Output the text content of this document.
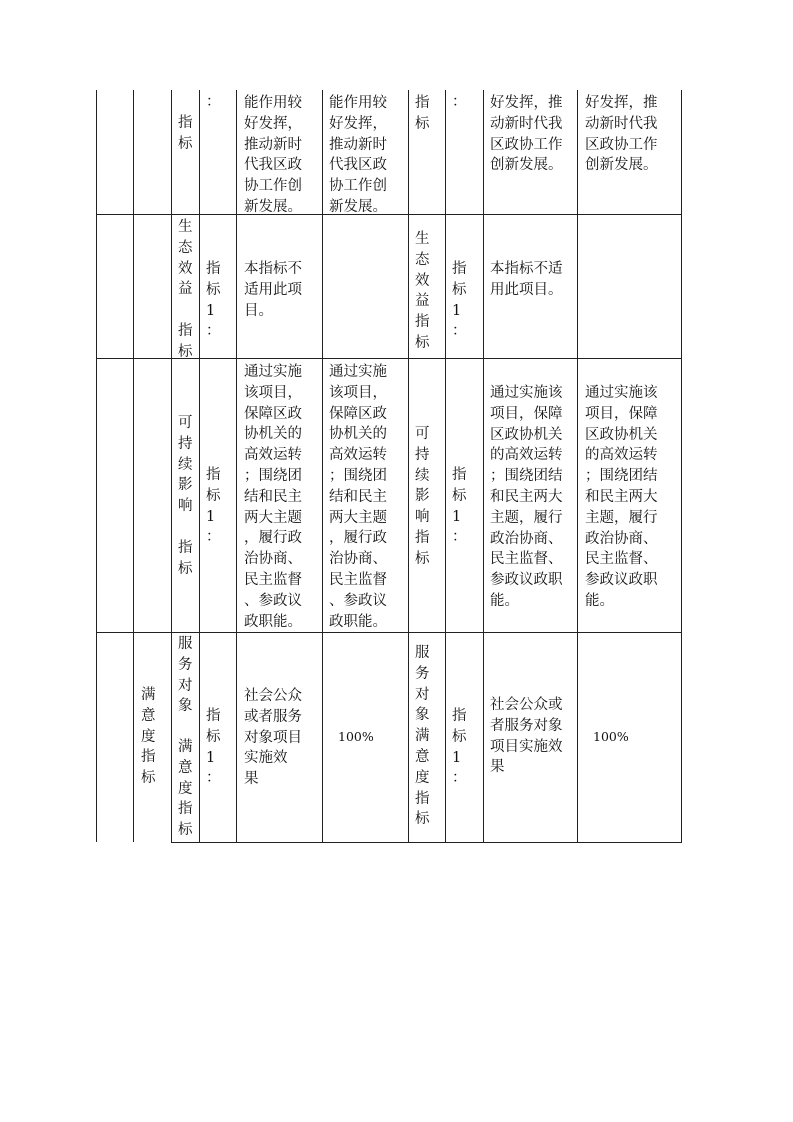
指
标
： 能作用较
好发挥，
推动新时
代我区政
协工作创
新发展。
能作用较
好发挥，
推动新时
代我区政
协工作创
新发展。
指
标
： 好发挥，推
动新时代我
区政协工作
创新发展。
好发挥，推
动新时代我
区政协工作
创新发展。
生
态
效
益
指
标
指
标
1
：
本指标不
适用此项
目。
生
态
效
益
指
标
指
标
1
：
本指标不适
用此项目。
可
持
续
影
响
指
标
指
标
1
：
通过实施
该项目，
保障区政
协机关的
高效运转
；围绕团
结和民主
两大主题
，履行政
治协商、
民主监督
、参政议
政职能。
通过实施
该项目，
保障区政
协机关的
高效运转
；围绕团
结和民主
两大主题
，履行政
治协商、
民主监督
、参政议
政职能。
可
持
续
影
响
指
标
指
标
1
：
通过实施该
项目，保障
区政协机关
的高效运转
；围绕团结
和民主两大
主题，履行
政治协商、
民主监督、
参政议政职
能。
通过实施该
项目，保障
区政协机关
的高效运转
；围绕团结
和民主两大
主题，履行
政治协商、
民主监督、
参政议政职
能。
满
意
度
指
标
服
务
对
象
满
意
度
指
标
指
标
1
：
社会公众
或者服务
对象项目
实施效
果
100%
服
务
对
象
满
意
度
指
标
指
标
1
：
社会公众或
者服务对象
项目实施效
果
100%
